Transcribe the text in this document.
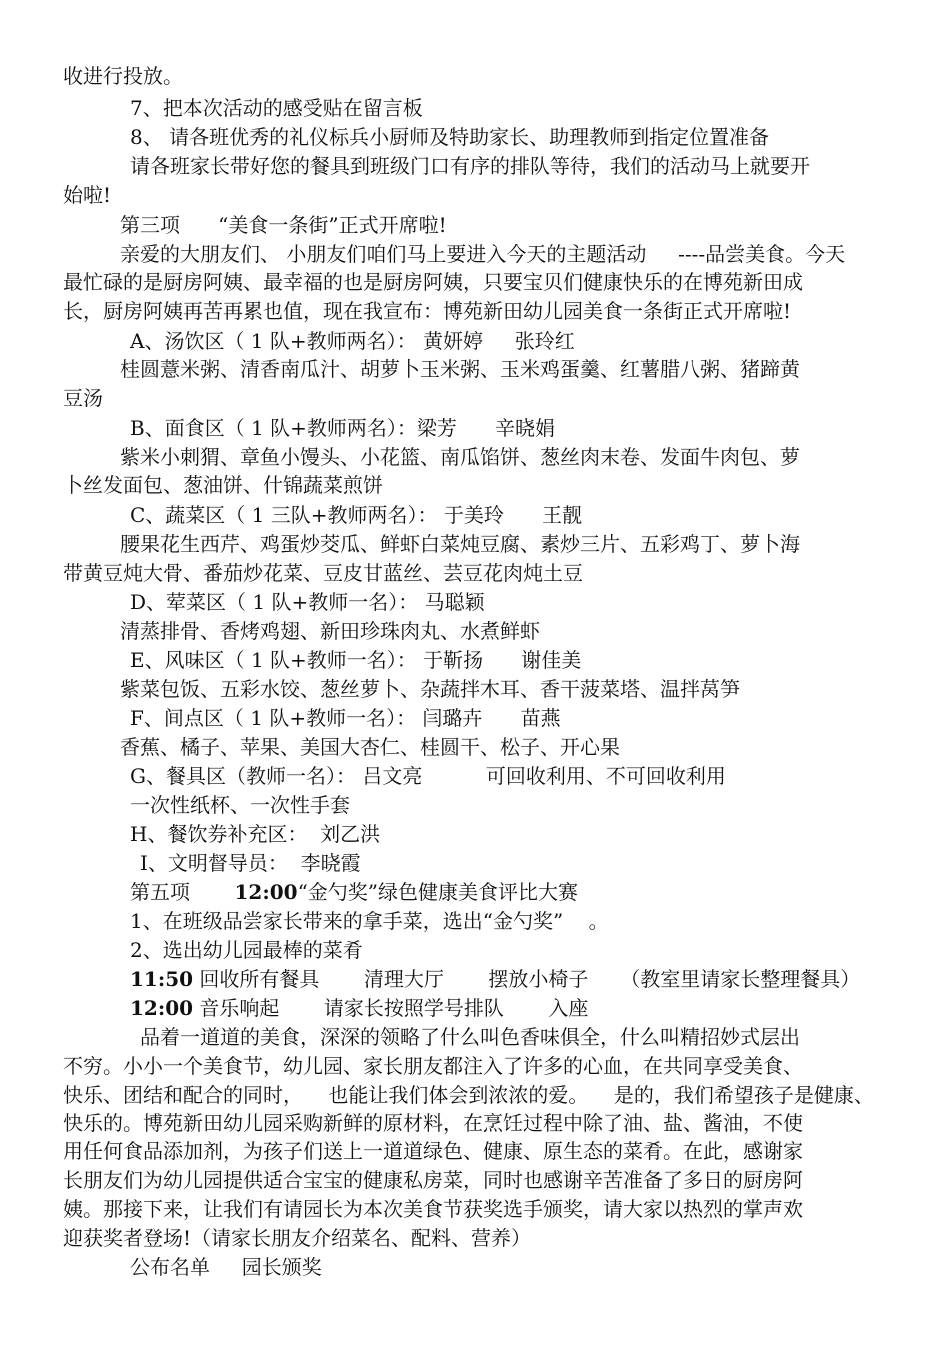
收进行投放。
7、把本次活动的感受贴在留言板
8、 请各班优秀的礼仪标兵小厨师及特助家长、助理教师到指定位置准备
请各班家长带好您的餐具到班级门口有序的排队等待，我们的活动马上就要开
始啦!
第三项      “美食一条街”正式开席啦!
亲爱的大朋友们、 小朋友们咱们马上要进入今天的主题活动     ----品尝美食。今天
最忙碌的是厨房阿姨、最幸福的也是厨房阿姨，只要宝贝们健康快乐的在博苑新田成
长，厨房阿姨再苦再累也值，现在我宣布：博苑新田幼儿园美食一条街正式开席啦!
A、汤饮区（ 1 队+教师两名）： 黄妍婷     张玲红
桂圆薏米粥、清香南瓜汁、胡萝卜玉米粥、玉米鸡蛋羹、红薯腊八粥、猪蹄黄
豆汤
B、面食区（ 1 队+教师两名）：梁芳      辛晓娟
紫米小刺猬、章鱼小馒头、小花篮、南瓜馅饼、葱丝肉末卷、发面牛肉包、萝
卜丝发面包、葱油饼、什锦蔬菜煎饼
C、蔬菜区（ 1 三队+教师两名）： 于美玲      王靓
腰果花生西芹、鸡蛋炒茭瓜、鲜虾白菜炖豆腐、素炒三片、五彩鸡丁、萝卜海
带黄豆炖大骨、番茄炒花菜、豆皮甘蓝丝、芸豆花肉炖土豆
D、荤菜区（ 1 队+教师一名）： 马聪颖
清蒸排骨、香烤鸡翅、新田珍珠肉丸、水煮鲜虾
E、风味区（ 1 队+教师一名）： 于靳扬      谢佳美
紫菜包饭、五彩水饺、葱丝萝卜、杂蔬拌木耳、香干菠菜塔、温拌莴笋
F、间点区（ 1 队+教师一名）： 闫璐卉      苗燕
香蕉、橘子、苹果、美国大杏仁、桂圆干、松子、开心果
G、餐具区（教师一名）： 吕文亮          可回收利用、不可回收利用
一次性纸杯、一次性手套
H、餐饮券补充区：  刘乙洪
I、文明督导员：  李晓霞
第五项       12:00“金勺奖”绿色健康美食评比大赛
1、在班级品尝家长带来的拿手菜，选出“金勺奖”    。
2、选出幼儿园最棒的菜肴
11:50 回收所有餐具       清理大厅       摆放小椅子     （教室里请家长整理餐具）
12:00 音乐响起       请家长按照学号排队       入座
品着一道道的美食，深深的领略了什么叫色香味俱全，什么叫精招妙式层出
不穷。小小一个美食节，幼儿园、家长朋友都注入了许多的心血，在共同享受美食、
快乐、团结和配合的同时，    也能让我们体会到浓浓的爱。    是的，我们希望孩子是健康、
快乐的。博苑新田幼儿园采购新鲜的原材料，在烹饪过程中除了油、盐、酱油，不使
用任何食品添加剂，为孩子们送上一道道绿色、健康、原生态的菜肴。在此，感谢家
长朋友们为幼儿园提供适合宝宝的健康私房菜，同时也感谢辛苦准备了多日的厨房阿
姨。那接下来，让我们有请园长为本次美食节获奖选手颁奖，请大家以热烈的掌声欢
迎获奖者登场!（请家长朋友介绍菜名、配料、营养）
公布名单     园长颁奖
